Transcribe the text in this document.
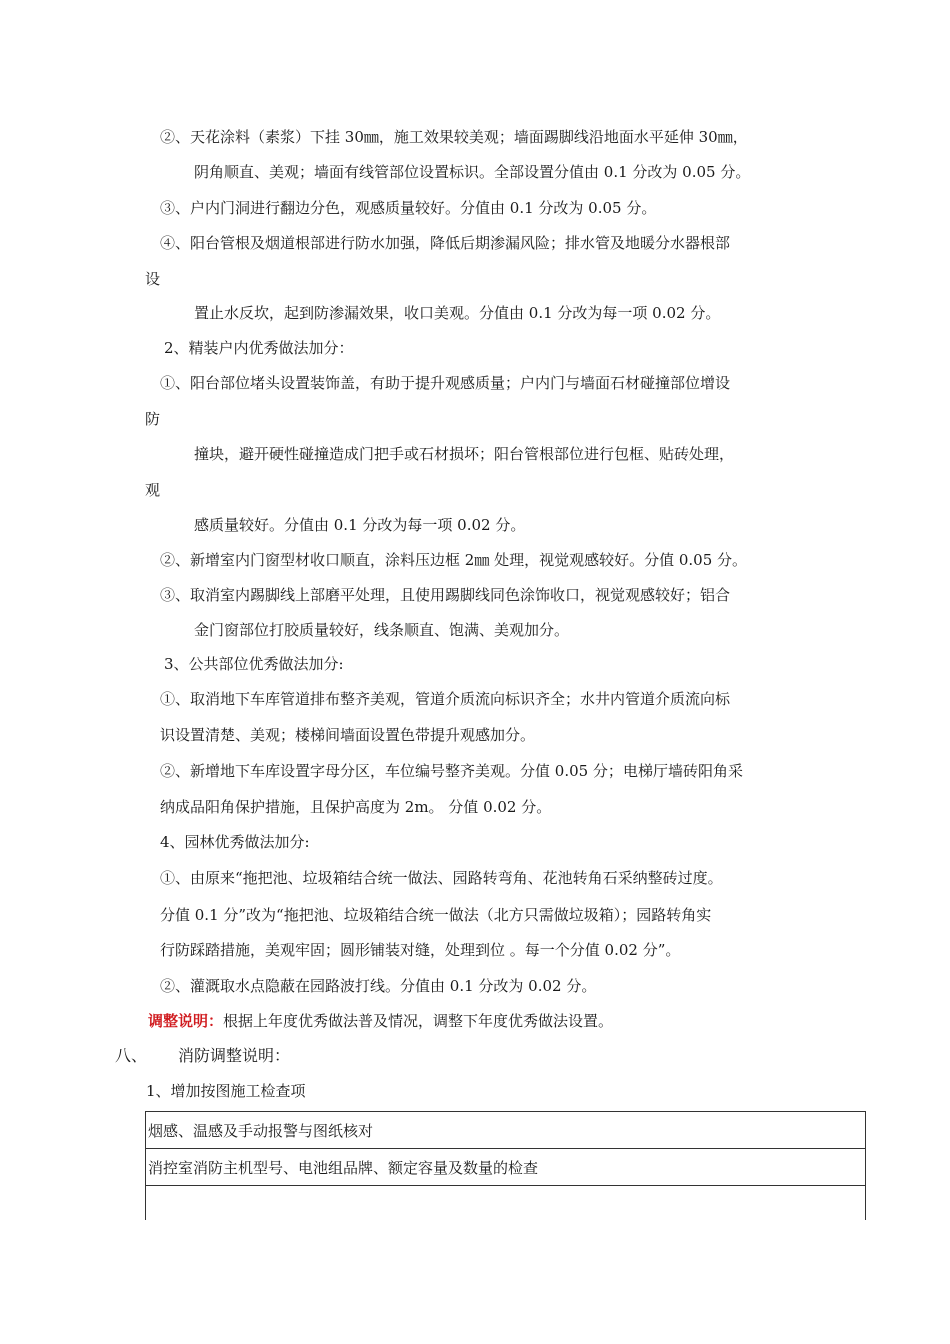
②、天花涂料（素浆）下挂 30㎜，施工效果较美观；墙面踢脚线沿地面水平延伸 30㎜，
阴角顺直、美观；墙面有线管部位设置标识。全部设置分值由 0.1 分改为 0.05 分。
③、户内门洞进行翻边分色，观感质量较好。分值由 0.1 分改为 0.05 分。
④、阳台管根及烟道根部进行防水加强，降低后期渗漏风险；排水管及地暖分水器根部
设
置止水反坎，起到防渗漏效果，收口美观。分值由 0.1 分改为每一项 0.02 分。
2、精装户内优秀做法加分：
①、阳台部位堵头设置装饰盖，有助于提升观感质量；户内门与墙面石材碰撞部位增设
防
撞块，避开硬性碰撞造成门把手或石材损坏；阳台管根部位进行包框、贴砖处理，
观
感质量较好。分值由 0.1 分改为每一项 0.02 分。
②、新增室内门窗型材收口顺直，涂料压边框 2㎜ 处理，视觉观感较好。分值 0.05 分。
③、取消室内踢脚线上部磨平处理，且使用踢脚线同色涂饰收口，视觉观感较好；铝合
金门窗部位打胶质量较好，线条顺直、饱满、美观加分。
3、公共部位优秀做法加分:
①、取消地下车库管道排布整齐美观，管道介质流向标识齐全；水井内管道介质流向标
识设置清楚、美观；楼梯间墙面设置色带提升观感加分。
②、新增地下车库设置字母分区，车位编号整齐美观。分值 0.05 分；电梯厅墙砖阳角采
纳成品阳角保护措施，且保护高度为 2m。 分值 0.02 分。
4、园林优秀做法加分:
①、由原来“拖把池、垃圾箱结合统一做法、园路转弯角、花池转角石采纳整砖过度。
分值 0.1 分”改为“拖把池、垃圾箱结合统一做法（北方只需做垃圾箱）；园路转角实
行防踩踏措施，美观牢固；圆形铺装对缝，处理到位 。每一个分值 0.02 分”。
②、灌溉取水点隐蔽在园路波打线。分值由 0.1 分改为 0.02 分。
调整说明：根据上年度优秀做法普及情况，调整下年度优秀做法设置。
八、 消防调整说明：
1、增加按图施工检查项
烟感、温感及手动报警与图纸核对
消控室消防主机型号、电池组品牌、额定容量及数量的检查
